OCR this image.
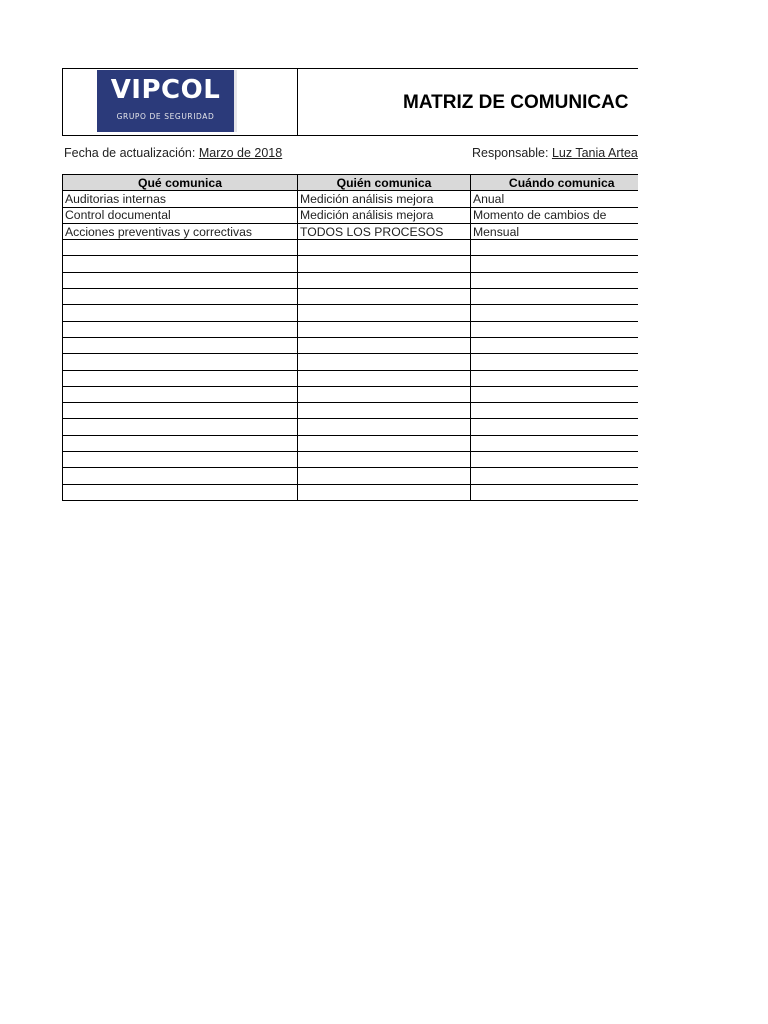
VIPCOL
GRUPO DE SEGURIDAD
MATRIZ DE COMUNICAC
Fecha de actualización: Marzo de 2018	Responsable: Luz Tania Artea
Qué comunica	Quién comunica	Cuándo comunica
Auditorias internas	Medición análisis mejora	Anual
Control documental	Medición análisis mejora	Momento de cambios de
Acciones preventivas y correctivas	TODOS LOS PROCESOS	Mensual
